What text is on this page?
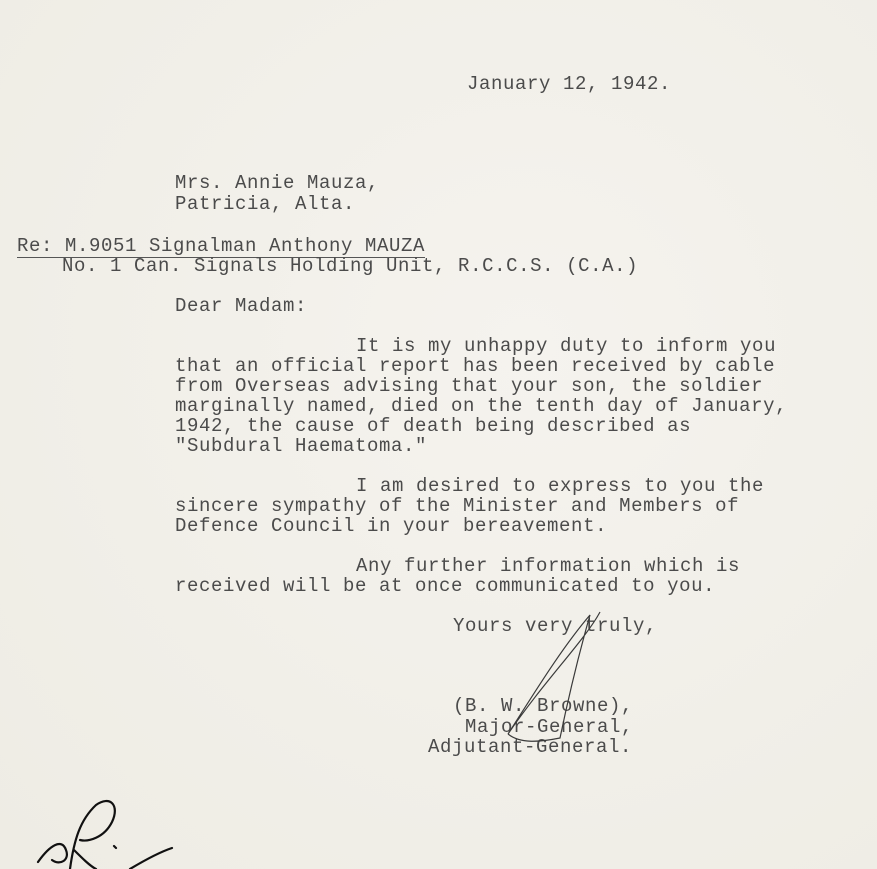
January 12, 1942.
Mrs. Annie Mauza,
Patricia, Alta.
Re: M.9051 Signalman Anthony MAUZA
No. 1 Can. Signals Holding Unit, R.C.C.S. (C.A.)
Dear Madam:
It is my unhappy duty to inform you
that an official report has been received by cable
from Overseas advising that your son, the soldier
marginally named, died on the tenth day of January,
1942, the cause of death being described as
"Subdural Haematoma."
I am desired to express to you the
sincere sympathy of the Minister and Members of
Defence Council in your bereavement.
Any further information which is
received will be at once communicated to you.
Yours very truly,
(B. W. Browne),
Major-General,
Adjutant-General.
